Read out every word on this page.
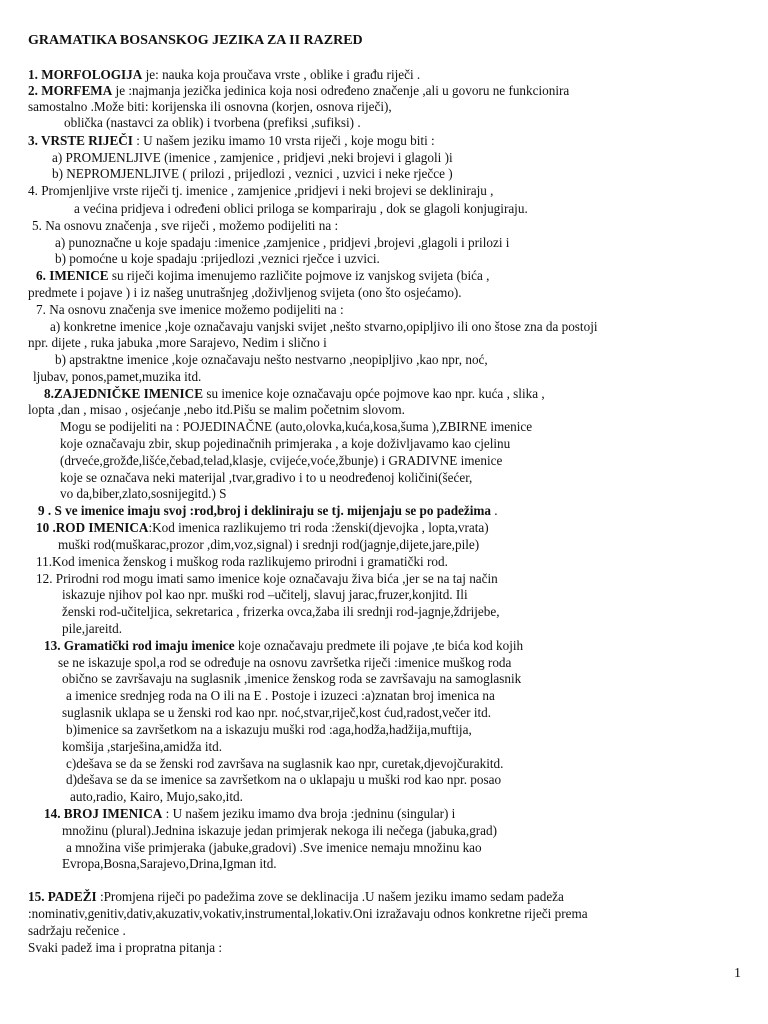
GRAMATIKA BOSANSKOG JEZIKA ZA II RAZRED
1. MORFOLOGIJA je: nauka koja proučava vrste , oblike i građu riječi .
2. MORFEMA je :najmanja jezička jedinica koja nosi određeno značenje ,ali u govoru ne funkcionira
samostalno .Može biti: korijenska ili osnovna (korjen, osnova riječi),
oblička (nastavci za oblik) i tvorbena (prefiksi ,sufiksi) .
3. VRSTE RIJEČI : U našem jeziku imamo 10 vrsta riječi , koje mogu biti :
a) PROMJENLJIVE (imenice , zamjenice , pridjevi ,neki brojevi i glagoli )i
b) NEPROMJENLJIVE ( prilozi , prijedlozi , veznici , uzvici i neke rječce )
4. Promjenljive vrste riječi tj. imenice , zamjenice ,pridjevi i neki brojevi se dekliniraju ,
a većina pridjeva i određeni oblici priloga se kompariraju , dok se glagoli konjugiraju.
5. Na osnovu značenja , sve riječi , možemo podijeliti na :
a) punoznačne u koje spadaju :imenice ,zamjenice , pridjevi ,brojevi ,glagoli i prilozi i
b) pomoćne u koje spadaju :prijedlozi ,veznici rječce i uzvici.
6. IMENICE su riječi kojima imenujemo različite pojmove iz vanjskog svijeta (bića ,
predmete i pojave ) i iz našeg unutrašnjeg ,doživljenog svijeta (ono što osjećamo).
7. Na osnovu značenja sve imenice možemo podijeliti na :
a) konkretne imenice ,koje označavaju vanjski svijet ,nešto stvarno,opipljivo ili ono štose zna da postoji
npr. dijete , ruka jabuka ,more Sarajevo, Nedim i slično i
b) apstraktne imenice ,koje označavaju nešto nestvarno ,neopipljivo ,kao npr, noć,
ljubav, ponos,pamet,muzika itd.
8.ZAJEDNIČKE IMENICE su imenice koje označavaju opće pojmove kao npr. kuća , slika ,
lopta ,dan , misao , osjećanje ,nebo itd.Pišu se malim početnim slovom.
Mogu se podijeliti na : POJEDINAČNE (auto,olovka,kuća,kosa,šuma ),ZBIRNE imenice
koje označavaju zbir, skup pojedinačnih primjeraka , a koje doživljavamo kao cjelinu
(drveće,grožđe,lišće,čebad,telad,klasje, cvijeće,voće,žbunje) i GRADIVNE imenice
koje se označava neki materijal ,tvar,gradivo i to u neodređenoj količini(šećer,
vo da,biber,zlato,sosnijegitd.) S
9 . S ve imenice imaju svoj :rod,broj i dekliniraju se tj. mijenjaju se po padežima .
10 .ROD IMENICA:Kod imenica razlikujemo tri roda :ženski(djevojka , lopta,vrata)
muški rod(muškarac,prozor ,dim,voz,signal) i srednji rod(jagnje,dijete,jare,pile)
11.Kod imenica ženskog i muškog roda razlikujemo prirodni i gramatički rod.
12. Prirodni rod mogu imati samo imenice koje označavaju živa bića ,jer se na taj način
iskazuje njihov pol kao npr. muški rod –učitelj, slavuj jarac,fruzer,konjitd. Ili
ženski rod-učiteljica, sekretarica , frizerka ovca,žaba ili srednji rod-jagnje,ždrijebe,
pile,jareitd.
13. Gramatički rod imaju imenice koje označavaju predmete ili pojave ,te bića kod kojih
se ne iskazuje spol,a rod se određuje na osnovu završetka riječi :imenice muškog roda
obično se završavaju na suglasnik ,imenice ženskog roda se završavaju na samoglasnik
a imenice srednjeg roda na O ili na E . Postoje i izuzeci :a)znatan broj imenica na
suglasnik uklapa se u ženski rod kao npr. noć,stvar,riječ,kost ćud,radost,večer itd.
b)imenice sa završetkom na a iskazuju muški rod :aga,hodža,hadžija,muftija,
komšija ,starješina,amidža itd.
c)dešava se da se ženski rod završava na suglasnik kao npr, curetak,djevojčurakitd.
d)dešava se da se imenice sa završetkom na o uklapaju u muški rod kao npr. posao
auto,radio, Kairo, Mujo,sako,itd.
14. BROJ IMENICA : U našem jeziku imamo dva broja :jedninu (singular) i
množinu (plural).Jednina iskazuje jedan primjerak nekoga ili nečega (jabuka,grad)
a množina više primjeraka (jabuke,gradovi) .Sve imenice nemaju množinu kao
Evropa,Bosna,Sarajevo,Drina,Igman itd.
15. PADEŽI :Promjena riječi po padežima zove se deklinacija .U našem jeziku imamo sedam padeža
:nominativ,genitiv,dativ,akuzativ,vokativ,instrumental,lokativ.Oni izražavaju odnos konkretne riječi prema
sadržaju rečenice .
Svaki padež ima i propratna pitanja :
1
